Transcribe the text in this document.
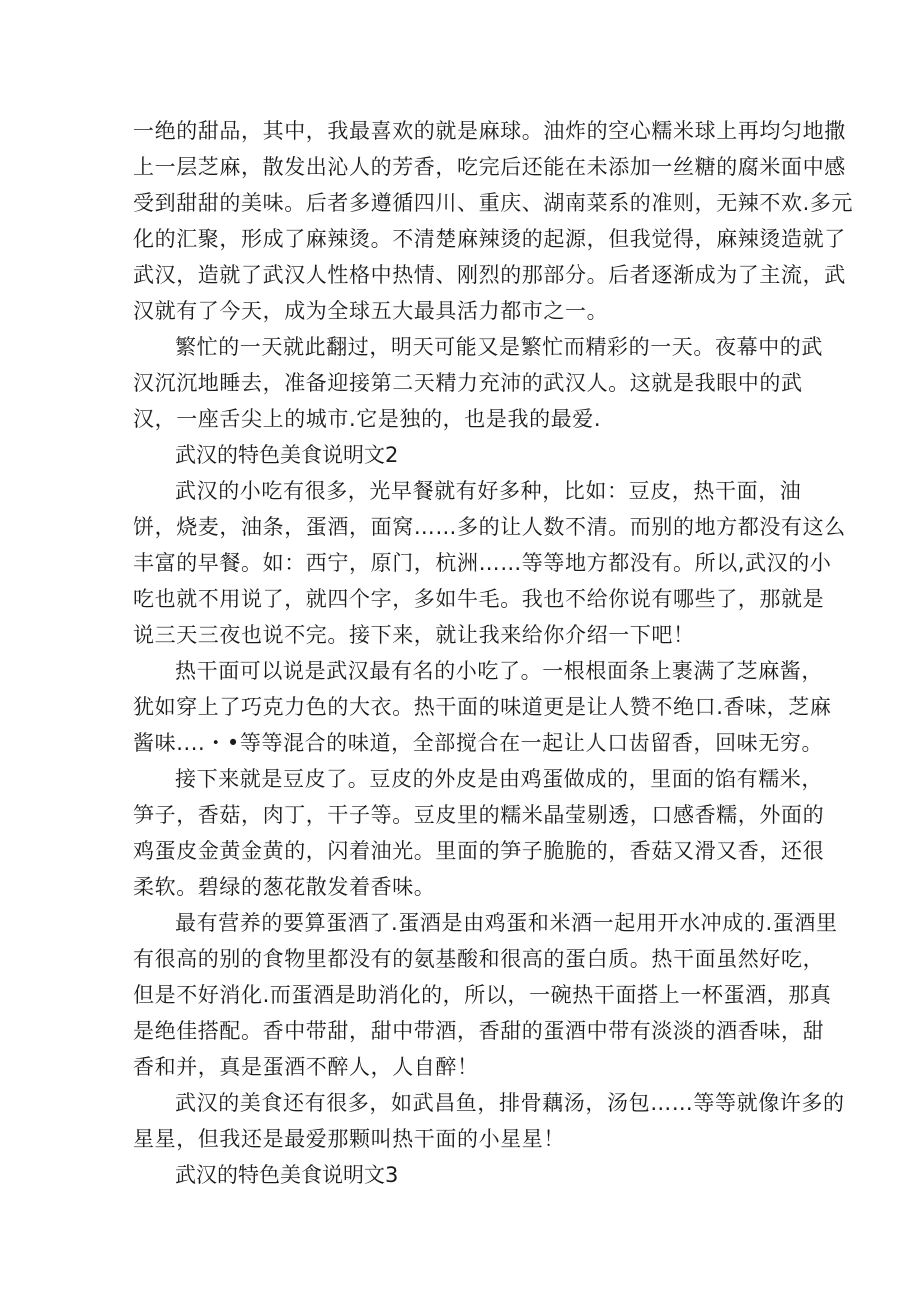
一绝的甜品，其中，我最喜欢的就是麻球。油炸的空心糯米球上再均匀地撒

上一层芝麻，散发出沁人的芳香，吃完后还能在未添加一丝糖的腐米面中感

受到甜甜的美味。后者多遵循四川、重庆、湖南菜系的准则，无辣不欢.多元

化的汇聚，形成了麻辣烫。不清楚麻辣烫的起源，但我觉得，麻辣烫造就了

武汉，造就了武汉人性格中热情、刚烈的那部分。后者逐渐成为了主流，武

汉就有了今天，成为全球五大最具活力都市之一。

繁忙的一天就此翻过，明天可能又是繁忙而精彩的一天。夜幕中的武

汉沉沉地睡去，准备迎接第二天精力充沛的武汉人。这就是我眼中的武

汉，一座舌尖上的城市.它是独的，也是我的最爱.

武汉的特色美食说明文2

武汉的小吃有很多，光早餐就有好多种，比如：豆皮，热干面，油

饼，烧麦，油条，蛋酒，面窝……多的让人数不清。而别的地方都没有这么

丰富的早餐。如：西宁，原门，杭洲……等等地方都没有。所以,武汉的小

吃也就不用说了，就四个字，多如牛毛。我也不给你说有哪些了，那就是

说三天三夜也说不完。接下来，就让我来给你介绍一下吧！

热干面可以说是武汉最有名的小吃了。一根根面条上裹满了芝麻酱，

犹如穿上了巧克力色的大衣。热干面的味道更是让人赞不绝口.香味，芝麻

酱味....・•等等混合的味道，全部搅合在一起让人口齿留香，回味无穷。

接下来就是豆皮了。豆皮的外皮是由鸡蛋做成的，里面的馅有糯米，

笋子，香菇，肉丁，干子等。豆皮里的糯米晶莹剔透，口感香糯，外面的

鸡蛋皮金黄金黄的，闪着油光。里面的笋子脆脆的，香菇又滑又香，还很

柔软。碧绿的葱花散发着香味。

最有营养的要算蛋酒了.蛋酒是由鸡蛋和米酒一起用开水冲成的.蛋酒里

有很高的别的食物里都没有的氨基酸和很高的蛋白质。热干面虽然好吃，

但是不好消化.而蛋酒是助消化的，所以，一碗热干面搭上一杯蛋酒，那真

是绝佳搭配。香中带甜，甜中带酒，香甜的蛋酒中带有淡淡的酒香味，甜

香和并，真是蛋酒不醉人，人自醉！

武汉的美食还有很多，如武昌鱼，排骨藕汤，汤包……等等就像许多的

星星，但我还是最爱那颗叫热干面的小星星！

武汉的特色美食说明文3
